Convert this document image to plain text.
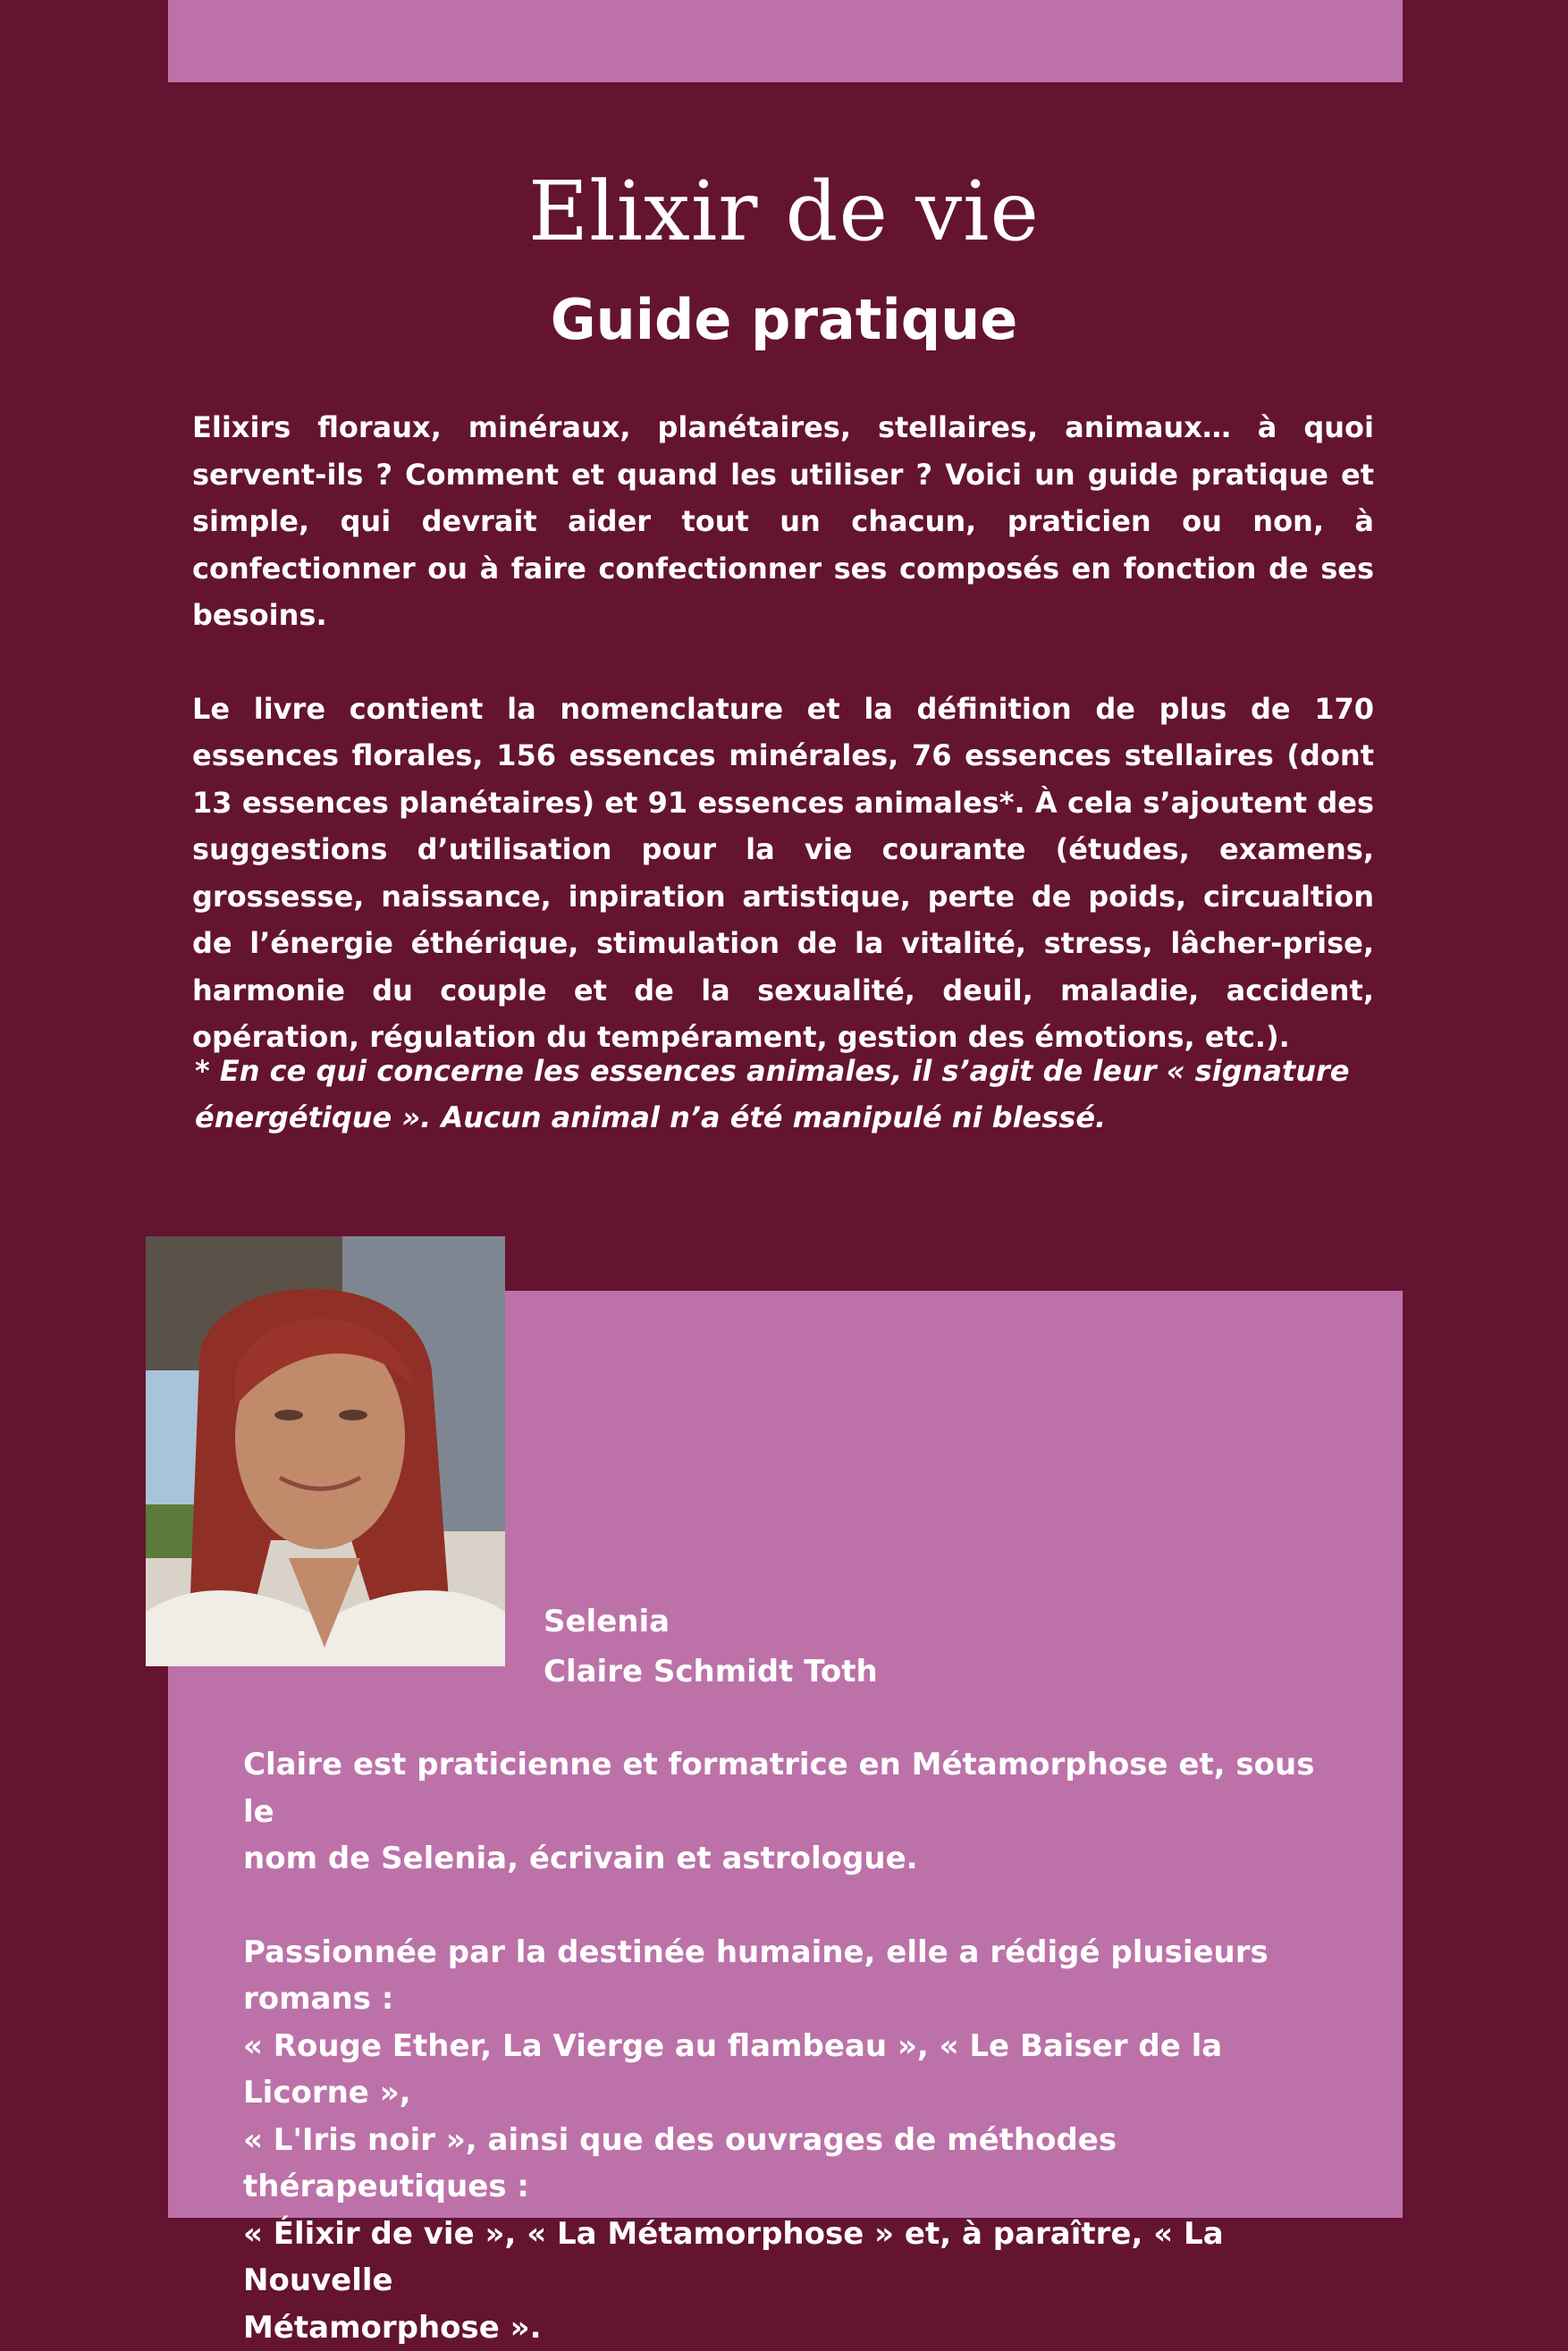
Elixir de vie
Guide pratique

Elixirs floraux, minéraux, planétaires, stellaires, animaux… à quoi servent-ils ? Comment et quand les utiliser ? Voici un guide pratique et simple, qui devrait aider tout un chacun, praticien ou non, à confectionner ou à faire confectionner ses composés en fonction de ses besoins.

Le livre contient la nomenclature et la définition de plus de 170 essences florales, 156 essences minérales, 76 essences stellaires (dont 13 essences planétaires) et 91 essences animales*. À cela s’ajoutent des suggestions d’utilisation pour la vie courante (études, examens, grossesse, naissance, inpiration artistique, perte de poids, circualtion de l’énergie éthérique, stimulation de la vitalité, stress, lâcher-prise, harmonie du couple et de la sexualité, deuil, maladie, accident, opération, régulation du tempérament, gestion des émotions, etc.).

* En ce qui concerne les essences animales, il s’agit de leur « signature
énergétique ». Aucun animal n’a été manipulé ni blessé.
Selenia
Claire Schmidt Toth

Claire est praticienne et formatrice en Métamorphose et, sous le
nom de Selenia, écrivain et astrologue.

Passionnée par la destinée humaine, elle a rédigé plusieurs romans :
« Rouge Ether, La Vierge au flambeau », « Le Baiser de la Licorne »,
« L'Iris noir », ainsi que des ouvrages de méthodes thérapeutiques :
« Élixir de vie », « La Métamorphose » et, à paraître, « La Nouvelle
Métamorphose ».
